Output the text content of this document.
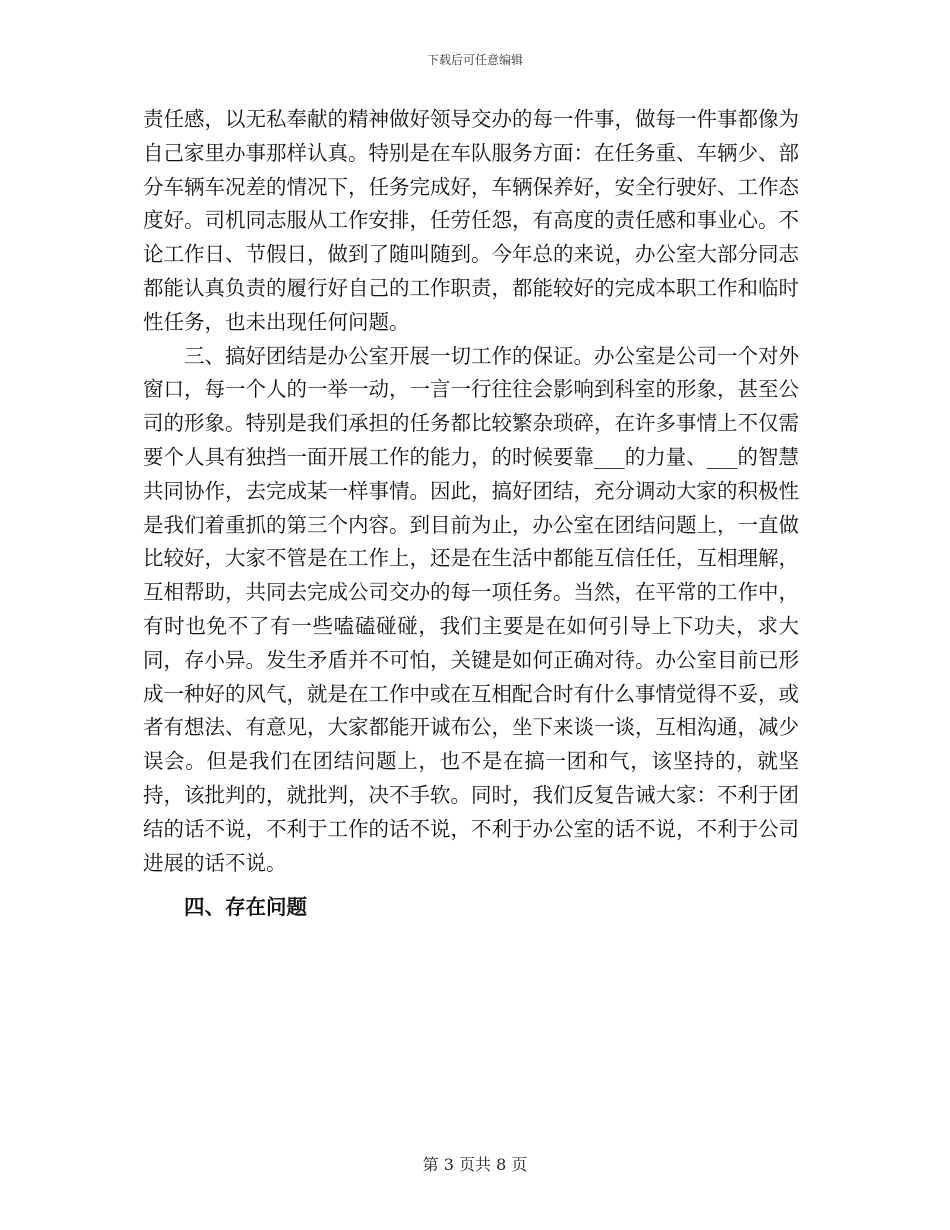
下载后可任意编辑

责任感，以无私奉献的精神做好领导交办的每一件事，做每一件事都像为自己家里办事那样认真。特别是在车队服务方面：在任务重、车辆少、部分车辆车况差的情况下，任务完成好，车辆保养好，安全行驶好、工作态度好。司机同志服从工作安排，任劳任怨，有高度的责任感和事业心。不论工作日、节假日，做到了随叫随到。今年总的来说，办公室大部分同志都能认真负责的履行好自己的工作职责，都能较好的完成本职工作和临时性任务，也未出现任何问题。

三、搞好团结是办公室开展一切工作的保证。办公室是公司一个对外窗口，每一个人的一举一动，一言一行往往会影响到科室的形象，甚至公司的形象。特别是我们承担的任务都比较繁杂琐碎，在许多事情上不仅需要个人具有独挡一面开展工作的能力，的时候要靠___的力量、___的智慧共同协作，去完成某一样事情。因此，搞好团结，充分调动大家的积极性是我们着重抓的第三个内容。到目前为止，办公室在团结问题上，一直做比较好，大家不管是在工作上，还是在生活中都能互信任任，互相理解，互相帮助，共同去完成公司交办的每一项任务。当然，在平常的工作中，有时也免不了有一些嗑磕碰碰，我们主要是在如何引导上下功夫，求大同，存小异。发生矛盾并不可怕，关键是如何正确对待。办公室目前已形成一种好的风气，就是在工作中或在互相配合时有什么事情觉得不妥，或者有想法、有意见，大家都能开诚布公，坐下来谈一谈，互相沟通，减少误会。但是我们在团结问题上，也不是在搞一团和气，该坚持的，就坚持，该批判的，就批判，决不手软。同时，我们反复告诫大家：不利于团结的话不说，不利于工作的话不说，不利于办公室的话不说，不利于公司进展的话不说。

四、存在问题

第 3 页共 8 页
